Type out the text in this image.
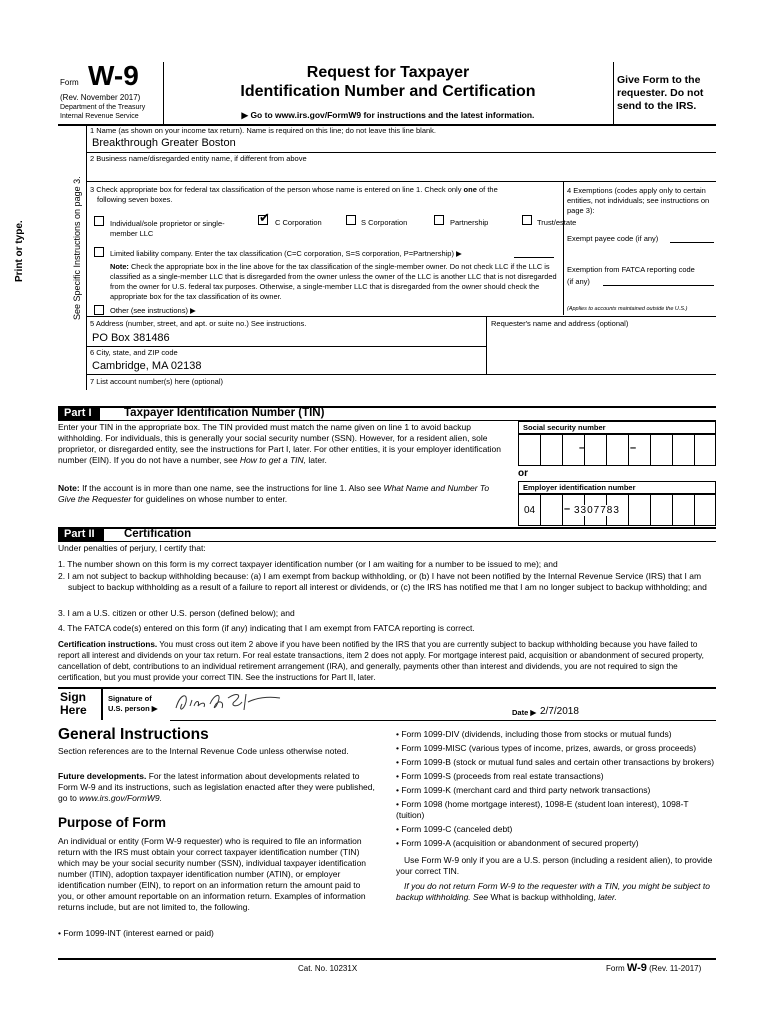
Form W-9
(Rev. November 2017)
Department of the Treasury
Internal Revenue Service
Request for Taxpayer
Identification Number and Certification
▶ Go to www.irs.gov/FormW9 for instructions and the latest information.
Give Form to the requester. Do not send to the IRS.
Print or type.	See Specific Instructions on page 3.
1 Name (as shown on your income tax return). Name is required on this line; do not leave this line blank.
Breakthrough Greater Boston
2 Business name/disregarded entity name, if different from above
3 Check appropriate box for federal tax classification of the person whose name is entered on line 1. Check only one of the
following seven boxes.
Individual/sole proprietor or single-member LLC
✔ C Corporation	S Corporation	Partnership	Trust/estate
Limited liability company. Enter the tax classification (C=C corporation, S=S corporation, P=Partnership) ▶
Note: Check the appropriate box in the line above for the tax classification of the single-member owner. Do not check LLC if the LLC is classified as a single-member LLC that is disregarded from the owner unless the owner of the LLC is another LLC that is not disregarded from the owner for U.S. federal tax purposes. Otherwise, a single-member LLC that is disregarded from the owner should check the appropriate box for the tax classification of its owner.
Other (see instructions) ▶
4 Exemptions (codes apply only to certain entities, not individuals; see instructions on page 3):
Exempt payee code (if any)
Exemption from FATCA reporting code (if any)
(Applies to accounts maintained outside the U.S.)
5 Address (number, street, and apt. or suite no.) See instructions.
PO Box 381486
Requester's name and address (optional)
6 City, state, and ZIP code
Cambridge, MA 02138
7 List account number(s) here (optional)
Part I	Taxpayer Identification Number (TIN)
Enter your TIN in the appropriate box. The TIN provided must match the name given on line 1 to avoid backup withholding. For individuals, this is generally your social security number (SSN). However, for a resident alien, sole proprietor, or disregarded entity, see the instructions for Part I, later. For other entities, it is your employer identification number (EIN). If you do not have a number, see How to get a TIN, later.
Note: If the account is in more than one name, see the instructions for line 1. Also see What Name and Number To Give the Requester for guidelines on whose number to enter.
Social security number
–	–
or
Employer identification number
04	– 3307783
Part II	Certification
Under penalties of perjury, I certify that:
1. The number shown on this form is my correct taxpayer identification number (or I am waiting for a number to be issued to me); and
2. I am not subject to backup withholding because: (a) I am exempt from backup withholding, or (b) I have not been notified by the Internal Revenue Service (IRS) that I am subject to backup withholding as a result of a failure to report all interest or dividends, or (c) the IRS has notified me that I am no longer subject to backup withholding; and
3. I am a U.S. citizen or other U.S. person (defined below); and
4. The FATCA code(s) entered on this form (if any) indicating that I am exempt from FATCA reporting is correct.
Certification instructions. You must cross out item 2 above if you have been notified by the IRS that you are currently subject to backup withholding because you have failed to report all interest and dividends on your tax return. For real estate transactions, item 2 does not apply. For mortgage interest paid, acquisition or abandonment of secured property, cancellation of debt, contributions to an individual retirement arrangement (IRA), and generally, payments other than interest and dividends, you are not required to sign the certification, but you must provide your correct TIN. See the instructions for Part II, later.
Sign
Here
Signature of
U.S. person ▶	Date ▶ 2/7/2018
General Instructions
Section references are to the Internal Revenue Code unless otherwise noted.
Future developments. For the latest information about developments related to Form W-9 and its instructions, such as legislation enacted after they were published, go to www.irs.gov/FormW9.
Purpose of Form
An individual or entity (Form W-9 requester) who is required to file an information return with the IRS must obtain your correct taxpayer identification number (TIN) which may be your social security number (SSN), individual taxpayer identification number (ITIN), adoption taxpayer identification number (ATIN), or employer identification number (EIN), to report on an information return the amount paid to you, or other amount reportable on an information return. Examples of information returns include, but are not limited to, the following.
• Form 1099-INT (interest earned or paid)
• Form 1099-DIV (dividends, including those from stocks or mutual funds)
• Form 1099-MISC (various types of income, prizes, awards, or gross proceeds)
• Form 1099-B (stock or mutual fund sales and certain other transactions by brokers)
• Form 1099-S (proceeds from real estate transactions)
• Form 1099-K (merchant card and third party network transactions)
• Form 1098 (home mortgage interest), 1098-E (student loan interest), 1098-T (tuition)
• Form 1099-C (canceled debt)
• Form 1099-A (acquisition or abandonment of secured property)
Use Form W-9 only if you are a U.S. person (including a resident alien), to provide your correct TIN.
If you do not return Form W-9 to the requester with a TIN, you might be subject to backup withholding. See What is backup withholding, later.
Cat. No. 10231X	Form W-9 (Rev. 11-2017)
